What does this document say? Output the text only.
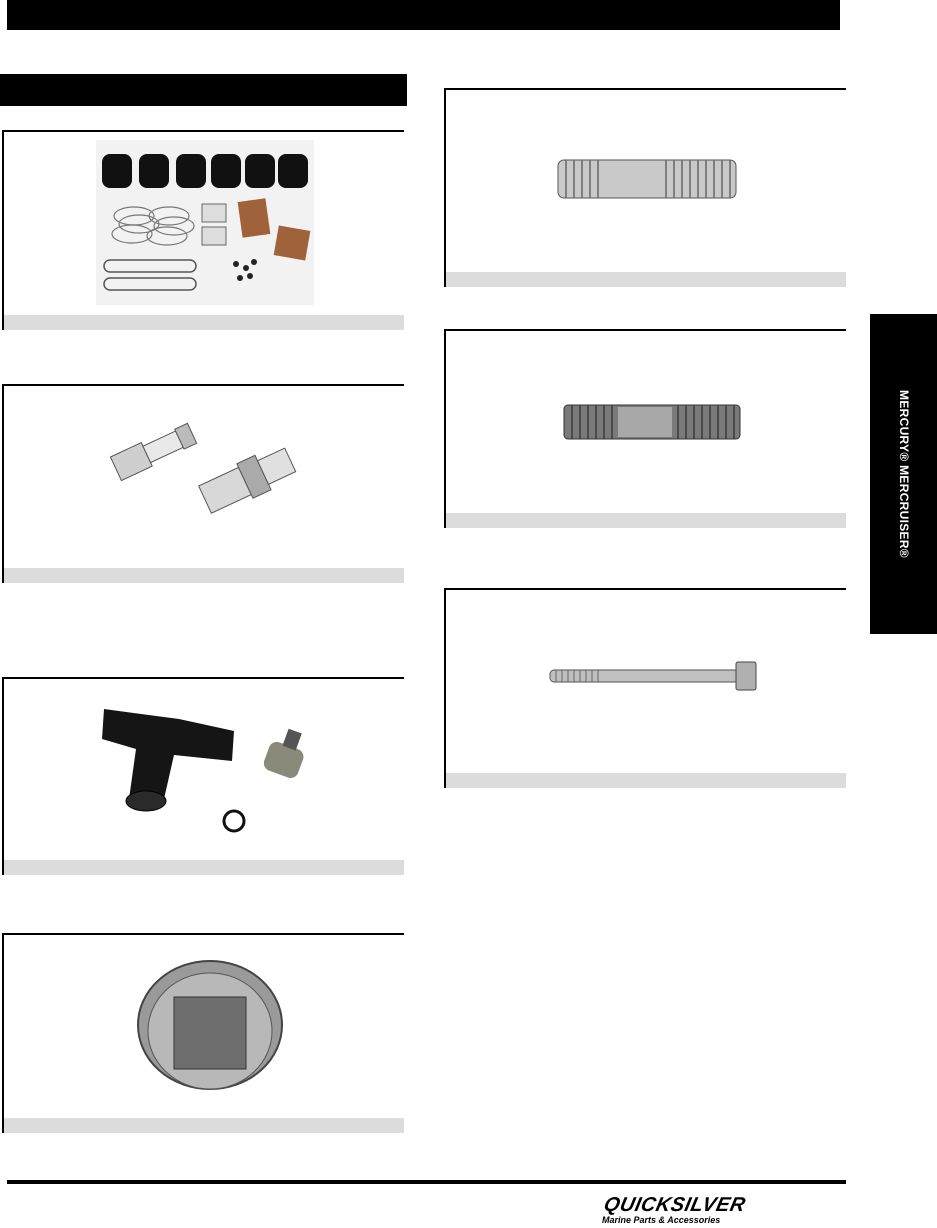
MERCURY® MERCRUISER®
QUICKSILVER
Marine Parts & Accessories
